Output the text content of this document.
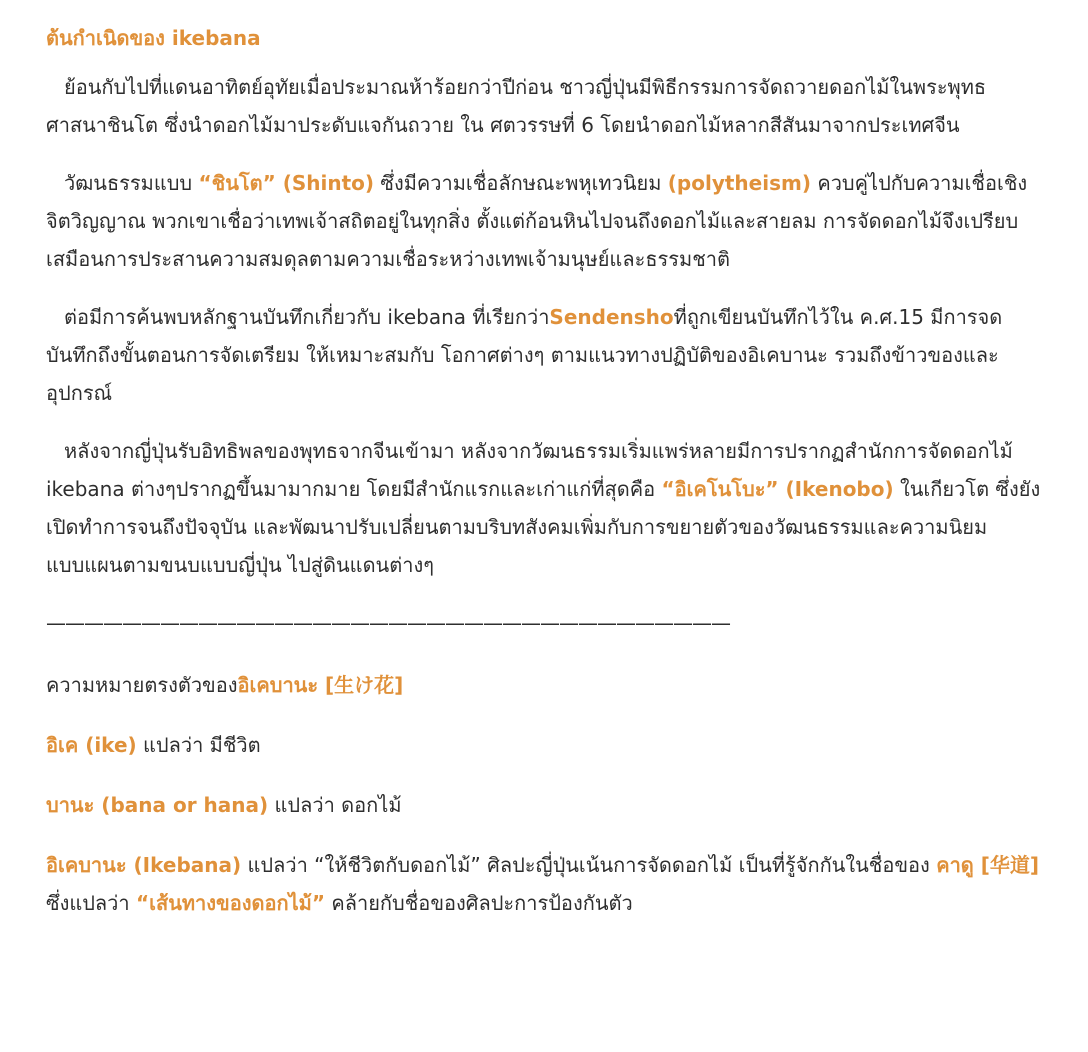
ต้นกำเนิดของ ikebana

ย้อนกับไปที่แดนอาทิตย์อุทัยเมื่อประมาณห้าร้อยกว่าปีก่อน ชาวญี่ปุ่นมีพิธีกรรมการจัดถวายดอกไม้ในพระพุทธศาสนาชินโต ซึ่งนำดอกไม้มาประดับแจกันถวาย ใน ศตวรรษที่ 6 โดยนำดอกไม้หลากสีสันมาจากประเทศจีน

วัฒนธรรมแบบ “ชินโต” (Shinto) ซึ่งมีความเชื่อลักษณะพหุเทวนิยม (polytheism) ควบคู่ไปกับความเชื่อเชิงจิตวิญญาณ พวกเขาเชื่อว่าเทพเจ้าสถิตอยู่ในทุกสิ่ง ตั้งแต่ก้อนหินไปจนถึงดอกไม้และสายลม การจัดดอกไม้จึงเปรียบเสมือนการประสานความสมดุลตามความเชื่อระหว่างเทพเจ้ามนุษย์และธรรมชาติ

ต่อมีการค้นพบหลักฐานบันทึกเกี่ยวกับ ikebana ที่เรียกว่าSendenshoที่ถูกเขียนบันทึกไว้ใน ค.ศ.15 มีการจดบันทึกถึงขั้นตอนการจัดเตรียม ให้เหมาะสมกับ โอกาศต่างๆ ตามแนวทางปฏิบัติของอิเคบานะ รวมถึงข้าวของและอุปกรณ์

หลังจากญี่ปุ่นรับอิทธิพลของพุทธจากจีนเข้ามา หลังจากวัฒนธรรมเริ่มแพร่หลายมีการปรากฏสำนักการจัดดอกไม้ ikebana ต่างๆปรากฏขึ้นมามากมาย โดยมีสำนักแรกและเก่าแก่ที่สุดคือ “อิเคโนโบะ” (Ikenobo) ในเกียวโต ซึ่งยังเปิดทำการจนถึงปัจจุบัน และพัฒนาปรับเปลี่ยนตามบริบทสังคมเพิ่มกับการขยายตัวของวัฒนธรรมและความนิยมแบบแผนตามขนบแบบญี่ปุ่น ไปสู่ดินแดนต่างๆ

————————————————————————————————————

ความหมายตรงตัวของอิเคบานะ [生け花]

อิเค (ike) แปลว่า มีชีวิต

บานะ (bana or hana) แปลว่า ดอกไม้

อิเคบานะ (Ikebana) แปลว่า “ให้ชีวิตกับดอกไม้” ศิลปะญี่ปุ่นเน้นการจัดดอกไม้ เป็นที่รู้จักกันในชื่อของ คาดู [华道] ซึ่งแปลว่า “เส้นทางของดอกไม้” คล้ายกับชื่อของศิลปะการป้องกันตัว
